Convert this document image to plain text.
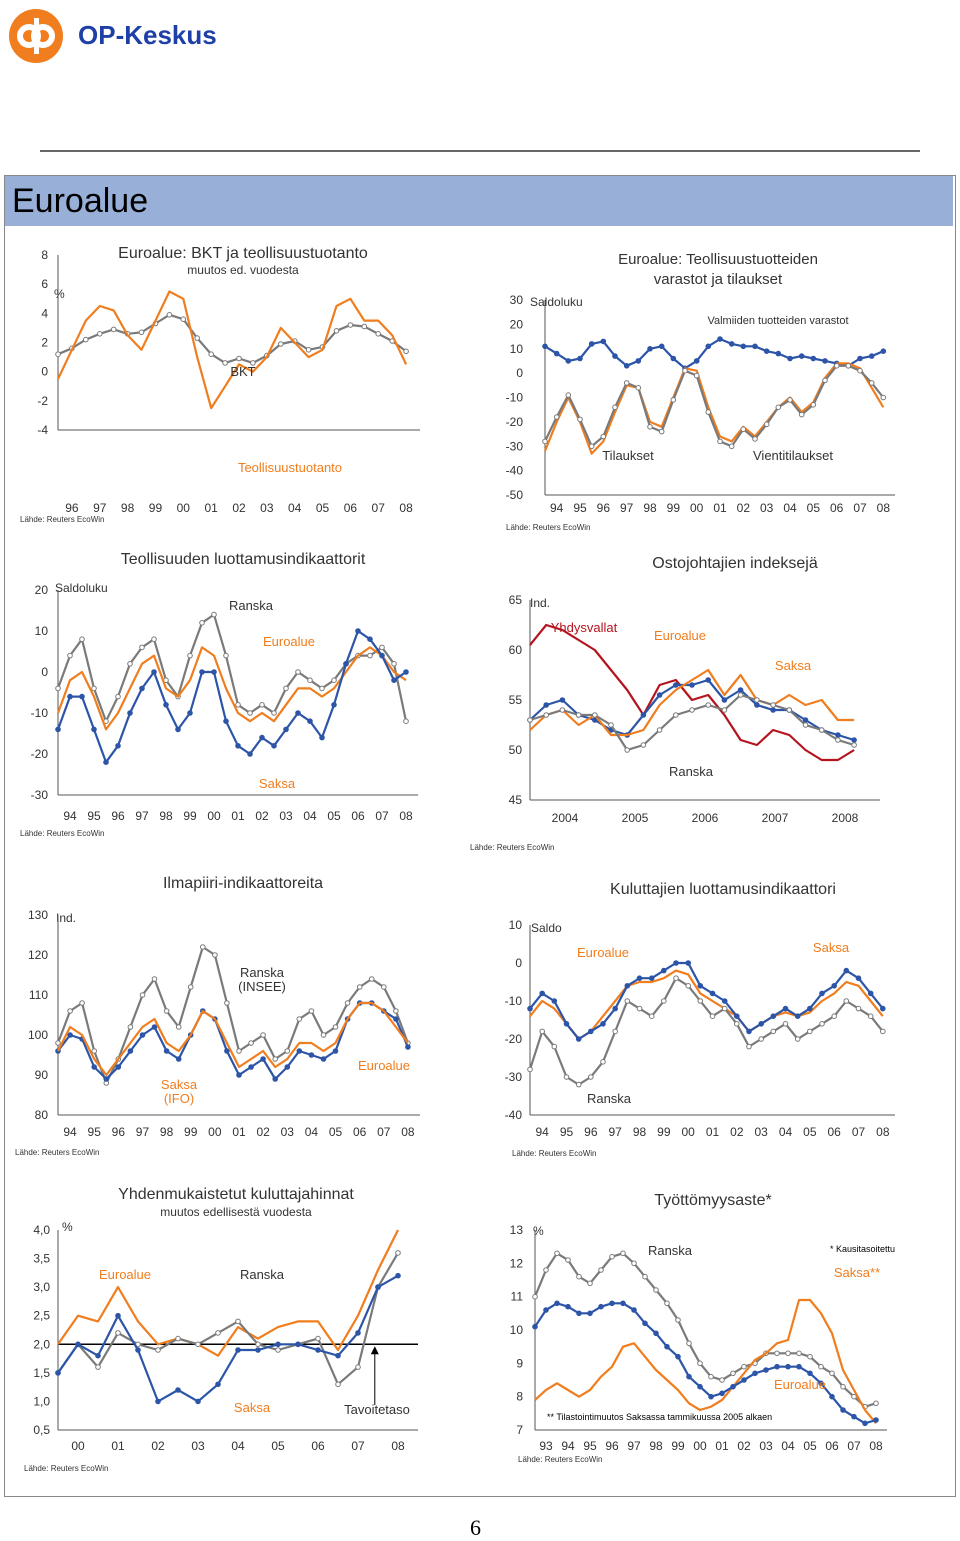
OP-Keskus
Euroalue
Euroalue: BKT ja teollisuustuotanto
muutos ed. vuodesta
%
Lähde: Reuters EcoWin
8
6
4
2
0
-2
-4
96 97 98 99 00 01 02 03 04 05 06 07 08
BKT
Teollisuustuotanto
Euroalue: Teollisuustuotteiden
varastot ja tilaukset
Saldoluku
Lähde: Reuters EcoWin
30
20
10
0
-10
-20
-30
-40
-50
94 95 96 97 98 99 00 01 02 03 04 05 06 07 08
Valmiiden tuotteiden varastot
Tilaukset	Vientitilaukset
Teollisuuden luottamusindikaattorit
Saldoluku
Lähde: Reuters EcoWin
20
10
0
-10
-20
-30
94 95 96 97 98 99 00 01 02 03 04 05 06 07 08
Ranska
Euroalue
Saksa
Ostojohtajien indeksejä
Ind.
Lähde: Reuters EcoWin
65
60
55
50
45
2004	2005	2006	2007	2008
Yhdysvallat
Euroalue
Saksa
Ranska
Ilmapiiri-indikaattoreita
Ind.
Lähde: Reuters EcoWin
130
120
110
100
90
80
94 95 96 97 98 99 00 01 02 03 04 05 06 07 08
Ranska
(INSEE)
Saksa
(IFO)
Euroalue
Kuluttajien luottamusindikaattori
Saldo
Lähde: Reuters EcoWin
10
0
-10
-20
-30
-40
94 95 96 97 98 99 00 01 02 03 04 05 06 07 08
Euroalue	Saksa
Ranska
Yhdenmukaistetut kuluttajahinnat
muutos edellisestä vuodesta
%
Lähde: Reuters EcoWin
4,0
3,5
3,0
2,5
2,0
1,5
1,0
0,5
00 01 02 03 04 05 06 07 08
Euroalue	Ranska
Saksa	Tavoitetaso
Työttömyysaste*
%
Lähde: Reuters EcoWin
13
12
11
10
9
8
7
93 94 95 96 97 98 99 00 01 02 03 04 05 06 07 08
Ranska
Saksa**
Euroalue
* Kausitasoitettu
** Tilastointimuutos Saksassa tammikuussa 2005 alkaen
6
